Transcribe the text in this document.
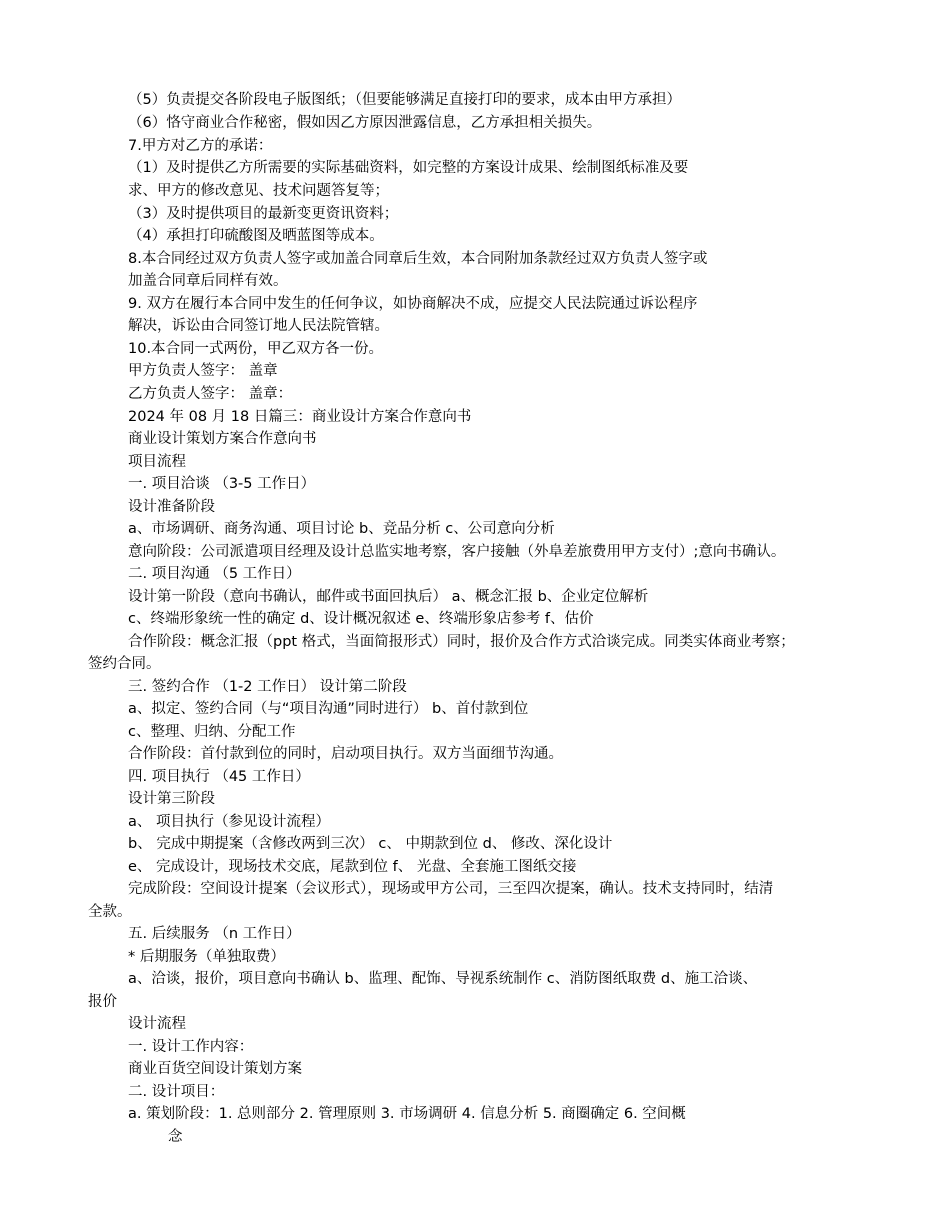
（5）负责提交各阶段电子版图纸；（但要能够满足直接打印的要求，成本由甲方承担）
（6）恪守商业合作秘密，假如因乙方原因泄露信息，乙方承担相关损失。
7.甲方对乙方的承诺：
（1）及时提供乙方所需要的实际基础资料，如完整的方案设计成果、绘制图纸标准及要
求、甲方的修改意见、技术问题答复等；
（3）及时提供项目的最新变更资讯资料；
（4）承担打印硫酸图及晒蓝图等成本。
8.本合同经过双方负责人签字或加盖合同章后生效，本合同附加条款经过双方负责人签字或
加盖合同章后同样有效。
9. 双方在履行本合同中发生的任何争议，如协商解决不成，应提交人民法院通过诉讼程序
解决，诉讼由合同签订地人民法院管辖。
10.本合同一式两份，甲乙双方各一份。
甲方负责人签字： 盖章
乙方负责人签字： 盖章：
2024 年 08 月 18 日篇三：商业设计方案合作意向书
商业设计策划方案合作意向书
项目流程
一. 项目洽谈 （3-5 工作日）
设计准备阶段
a、市场调研、商务沟通、项目讨论 b、竞品分析 c、公司意向分析
意向阶段：公司派遣项目经理及设计总监实地考察，客户接触（外阜差旅费用甲方支付）;意向书确认。
二. 项目沟通 （5 工作日）
设计第一阶段（意向书确认，邮件或书面回执后） a、概念汇报 b、企业定位解析
c、终端形象统一性的确定 d、设计概况叙述 e、终端形象店参考 f、估价
合作阶段：概念汇报（ppt 格式，当面简报形式）同时，报价及合作方式洽谈完成。同类实体商业考察；
签约合同。
三. 签约合作 （1-2 工作日） 设计第二阶段
a、拟定、签约合同（与“项目沟通”同时进行） b、首付款到位
c、整理、归纳、分配工作
合作阶段：首付款到位的同时，启动项目执行。双方当面细节沟通。
四. 项目执行 （45 工作日）
设计第三阶段
a、 项目执行（参见设计流程）
b、 完成中期提案（含修改两到三次） c、 中期款到位 d、 修改、深化设计
e、 完成设计，现场技术交底，尾款到位 f、 光盘、全套施工图纸交接
完成阶段：空间设计提案（会议形式），现场或甲方公司，三至四次提案，确认。技术支持同时，结清
全款。
五. 后续服务 （n 工作日）
* 后期服务（单独取费）
a、洽谈，报价，项目意向书确认 b、监理、配饰、导视系统制作 c、消防图纸取费 d、施工洽谈、
报价
设计流程
一. 设计工作内容：
商业百货空间设计策划方案
二. 设计项目：
a. 策划阶段：1. 总则部分 2. 管理原则 3. 市场调研 4. 信息分析 5. 商圈确定 6. 空间概
念
